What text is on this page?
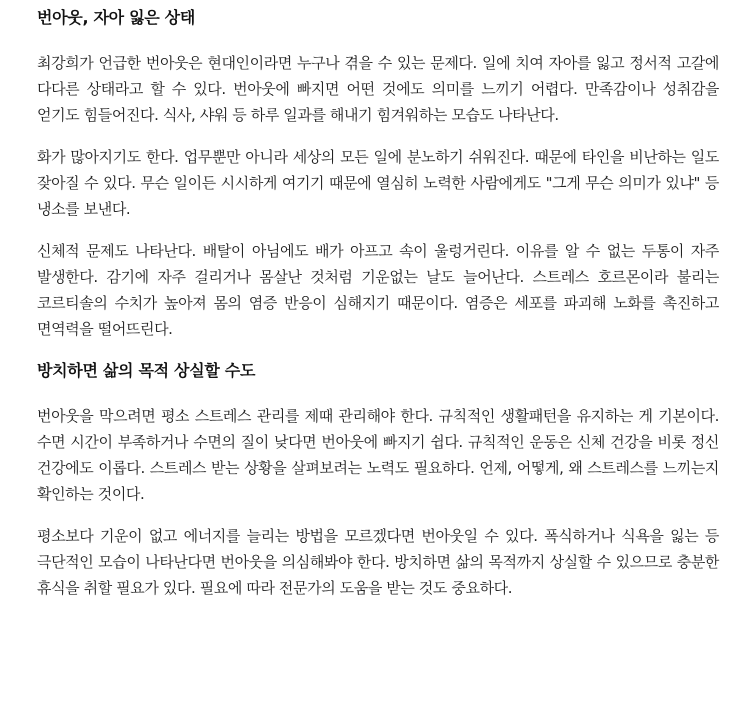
번아웃, 자아 잃은 상태

최강희가 언급한 번아웃은 현대인이라면 누구나 겪을 수 있는 문제다. 일에 치여 자아를 잃고 정서적 고갈에 다다른 상태라고 할 수 있다. 번아웃에 빠지면 어떤 것에도 의미를 느끼기 어렵다. 만족감이나 성취감을 얻기도 힘들어진다. 식사, 샤워 등 하루 일과를 해내기 힘겨워하는 모습도 나타난다.

화가 많아지기도 한다. 업무뿐만 아니라 세상의 모든 일에 분노하기 쉬워진다. 때문에 타인을 비난하는 일도 잦아질 수 있다. 무슨 일이든 시시하게 여기기 때문에 열심히 노력한 사람에게도 "그게 무슨 의미가 있냐" 등 냉소를 보낸다.

신체적 문제도 나타난다. 배탈이 아님에도 배가 아프고 속이 울렁거린다. 이유를 알 수 없는 두통이 자주 발생한다. 감기에 자주 걸리거나 몸살난 것처럼 기운없는 날도 늘어난다. 스트레스 호르몬이라 불리는 코르티솔의 수치가 높아져 몸의 염증 반응이 심해지기 때문이다. 염증은 세포를 파괴해 노화를 촉진하고 면역력을 떨어뜨린다.

방치하면 삶의 목적 상실할 수도

번아웃을 막으려면 평소 스트레스 관리를 제때 관리해야 한다. 규칙적인 생활패턴을 유지하는 게 기본이다. 수면 시간이 부족하거나 수면의 질이 낮다면 번아웃에 빠지기 쉽다. 규칙적인 운동은 신체 건강을 비롯 정신 건강에도 이롭다. 스트레스 받는 상황을 살펴보려는 노력도 필요하다. 언제, 어떻게, 왜 스트레스를 느끼는지 확인하는 것이다.

평소보다 기운이 없고 에너지를 늘리는 방법을 모르겠다면 번아웃일 수 있다. 폭식하거나 식욕을 잃는 등 극단적인 모습이 나타난다면 번아웃을 의심해봐야 한다. 방치하면 삶의 목적까지 상실할 수 있으므로 충분한 휴식을 취할 필요가 있다. 필요에 따라 전문가의 도움을 받는 것도 중요하다.
